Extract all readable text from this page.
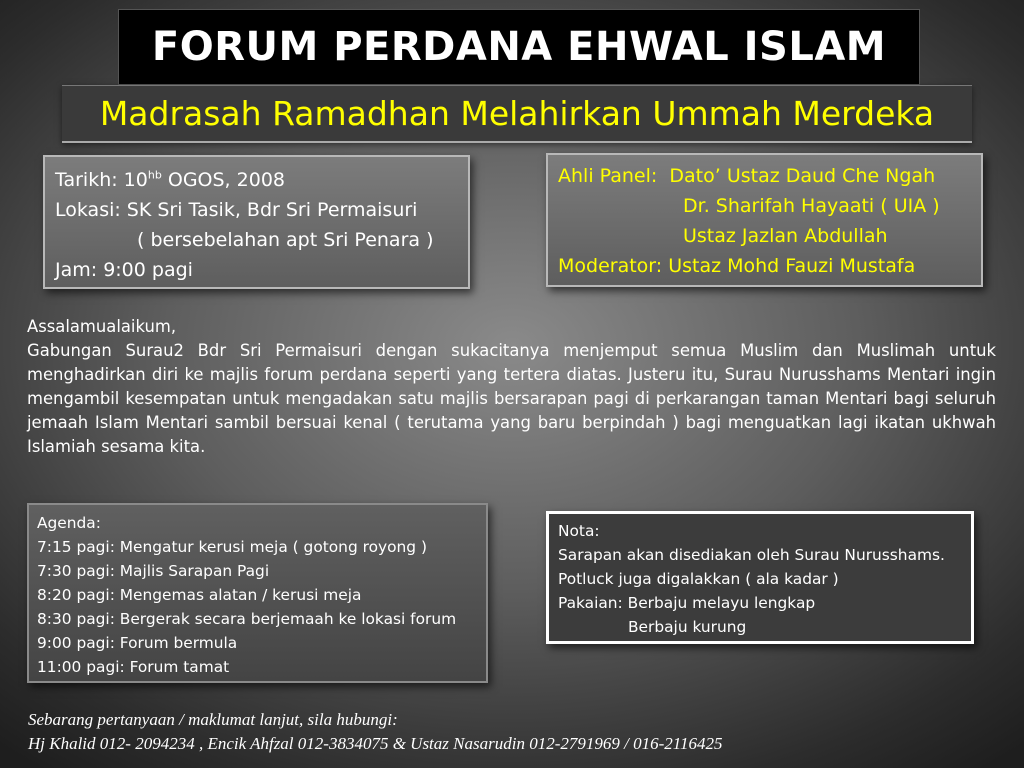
FORUM PERDANA EHWAL ISLAM
Madrasah Ramadhan Melahirkan Ummah Merdeka
Tarikh: $10^{hb}$ OGOS, 2008
Lokasi: SK Sri Tasik, Bdr Sri Permaisuri
( bersebelahan apt Sri Penara )
Jam: 9:00 pagi
Ahli Panel: Dato’ Ustaz Daud Che Ngah
Dr. Sharifah Hayaati ( UIA )
Ustaz Jazlan Abdullah
Moderator: Ustaz Mohd Fauzi Mustafa
Assalamualaikum,
Gabungan Surau2 Bdr Sri Permaisuri dengan sukacitanya menjemput semua Muslim dan Muslimah untuk menghadirkan diri ke majlis forum perdana seperti yang tertera diatas. Justeru itu, Surau Nurusshams Mentari ingin mengambil kesempatan untuk mengadakan satu majlis bersarapan pagi di perkarangan taman Mentari bagi seluruh jemaah Islam Mentari sambil bersuai kenal ( terutama yang baru berpindah ) bagi menguatkan lagi ikatan ukhwah Islamiah sesama kita.
Agenda:
7:15 pagi: Mengatur kerusi meja ( gotong royong )
7:30 pagi: Majlis Sarapan Pagi
8:20 pagi: Mengemas alatan / kerusi meja
8:30 pagi: Bergerak secara berjemaah ke lokasi forum
9:00 pagi: Forum bermula
11:00 pagi: Forum tamat
Nota:
Sarapan akan disediakan oleh Surau Nurusshams.
Potluck juga digalakkan ( ala kadar )
Pakaian: Berbaju melayu lengkap
Berbaju kurung
Sebarang pertanyaan / maklumat lanjut, sila hubungi:
Hj Khalid 012- 2094234 , Encik Ahfzal 012-3834075 & Ustaz Nasarudin 012-2791969 / 016-2116425
